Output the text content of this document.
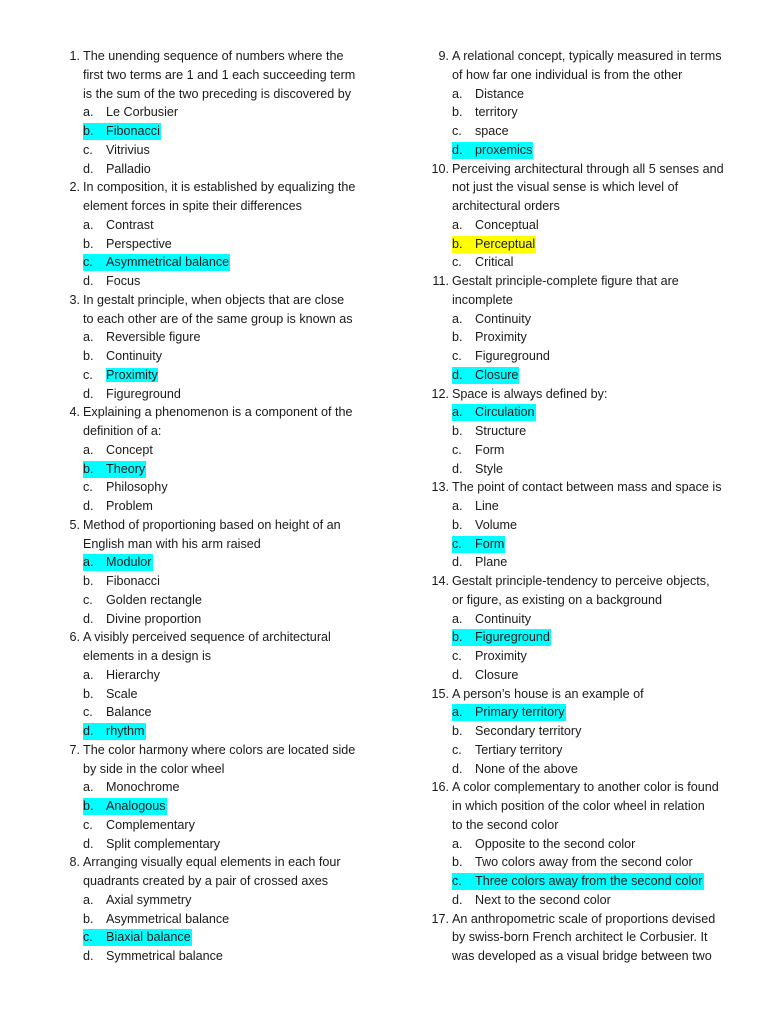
1. The unending sequence of numbers where the
first two terms are 1 and 1 each succeeding term
is the sum of the two preceding is discovered by
a. Le Corbusier
b. Fibonacci
c. Vitrivius
d. Palladio
2. In composition, it is established by equalizing the
element forces in spite their differences
a. Contrast
b. Perspective
c. Asymmetrical balance
d. Focus
3. In gestalt principle, when objects that are close
to each other are of the same group is known as
a. Reversible figure
b. Continuity
c. Proximity
d. Figureground
4. Explaining a phenomenon is a component of the
definition of a:
a. Concept
b. Theory
c. Philosophy
d. Problem
5. Method of proportioning based on height of an
English man with his arm raised
a. Modulor
b. Fibonacci
c. Golden rectangle
d. Divine proportion
6. A visibly perceived sequence of architectural
elements in a design is
a. Hierarchy
b. Scale
c. Balance
d. rhythm
7. The color harmony where colors are located side
by side in the color wheel
a. Monochrome
b. Analogous
c. Complementary
d. Split complementary
8. Arranging visually equal elements in each four
quadrants created by a pair of crossed axes
a. Axial symmetry
b. Asymmetrical balance
c. Biaxial balance
d. Symmetrical balance
9. A relational concept, typically measured in terms
of how far one individual is from the other
a. Distance
b. territory
c. space
d. proxemics
10. Perceiving architectural through all 5 senses and
not just the visual sense is which level of
architectural orders
a. Conceptual
b. Perceptual
c. Critical
11. Gestalt principle-complete figure that are
incomplete
a. Continuity
b. Proximity
c. Figureground
d. Closure
12. Space is always defined by:
a. Circulation
b. Structure
c. Form
d. Style
13. The point of contact between mass and space is
a. Line
b. Volume
c. Form
d. Plane
14. Gestalt principle-tendency to perceive objects,
or figure, as existing on a background
a. Continuity
b. Figureground
c. Proximity
d. Closure
15. A person’s house is an example of
a. Primary territory
b. Secondary territory
c. Tertiary territory
d. None of the above
16. A color complementary to another color is found
in which position of the color wheel in relation
to the second color
a. Opposite to the second color
b. Two colors away from the second color
c. Three colors away from the second color
d. Next to the second color
17. An anthropometric scale of proportions devised
by swiss-born French architect le Corbusier. It
was developed as a visual bridge between two
